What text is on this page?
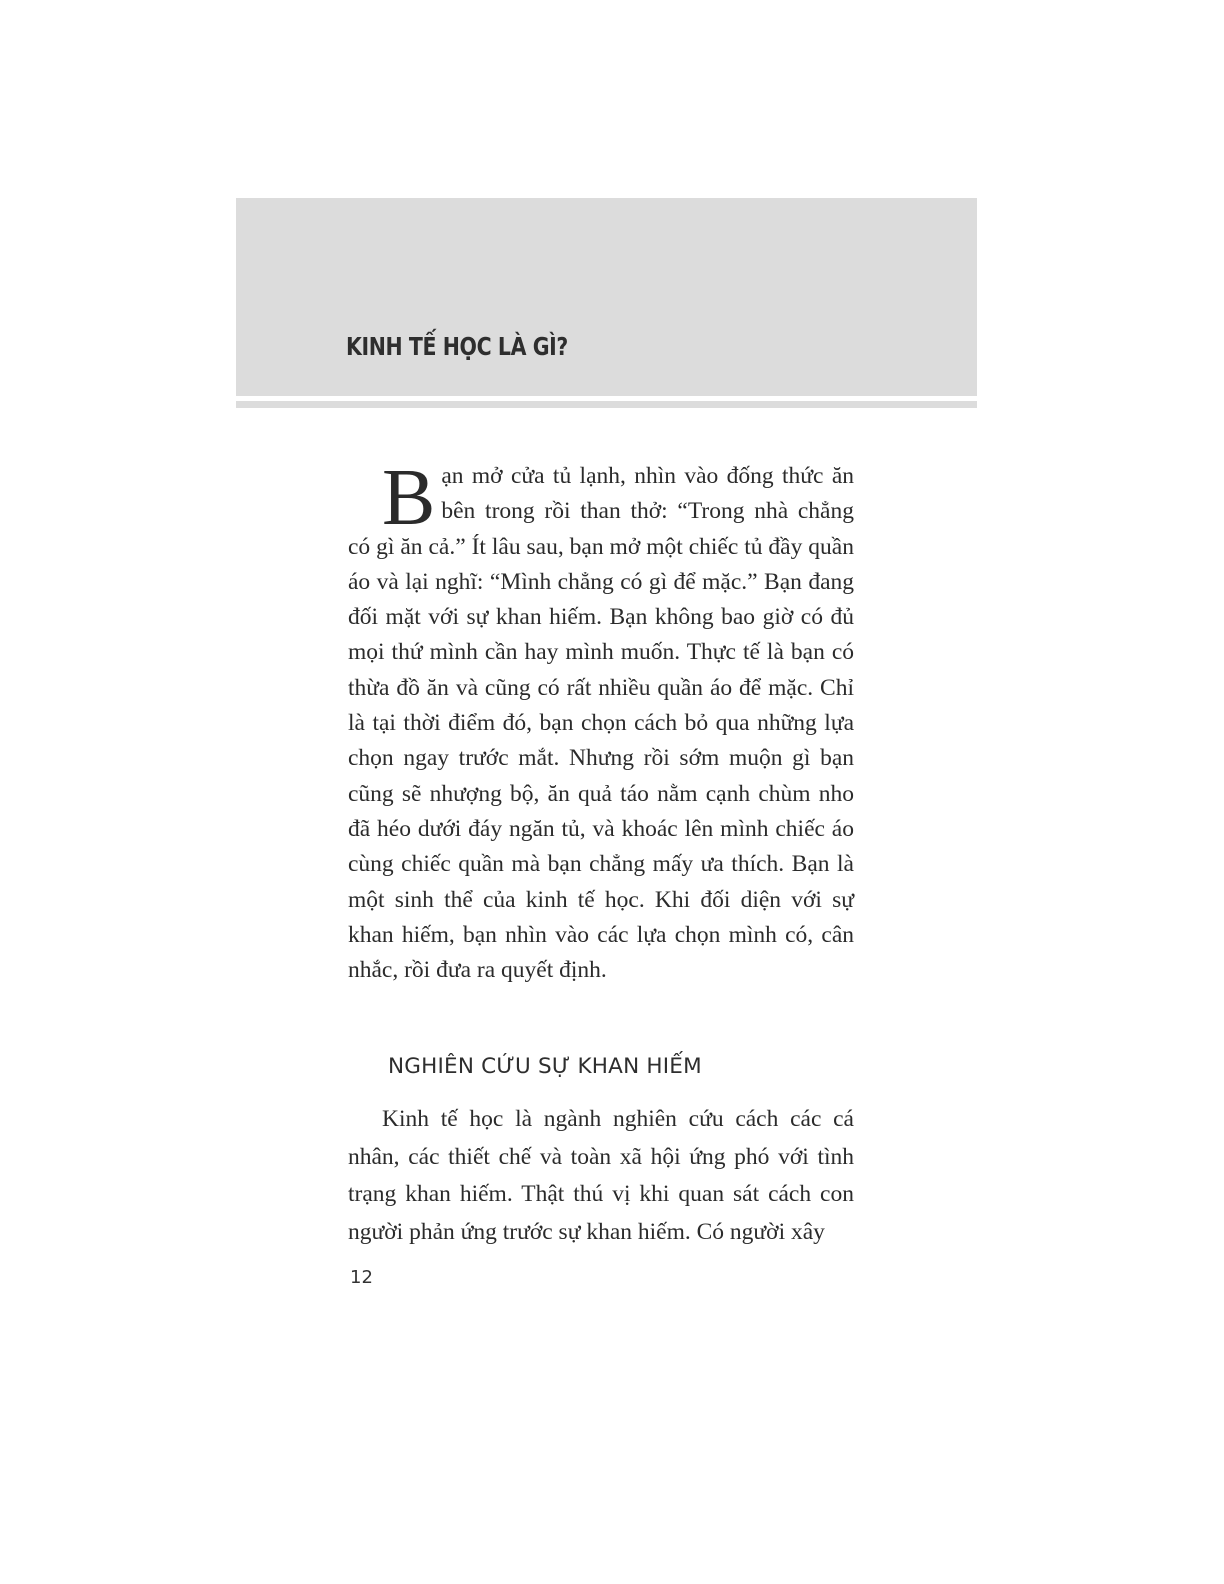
KINH TẾ HỌC LÀ GÌ?

Bạn mở cửa tủ lạnh, nhìn vào đống thức ăn bên trong rồi than thở: “Trong nhà chẳng có gì ăn cả.” Ít lâu sau, bạn mở một chiếc tủ đầy quần áo và lại nghĩ: “Mình chẳng có gì để mặc.” Bạn đang đối mặt với sự khan hiếm. Bạn không bao giờ có đủ mọi thứ mình cần hay mình muốn. Thực tế là bạn có thừa đồ ăn và cũng có rất nhiều quần áo để mặc. Chỉ là tại thời điểm đó, bạn chọn cách bỏ qua những lựa chọn ngay trước mắt. Nhưng rồi sớm muộn gì bạn cũng sẽ nhượng bộ, ăn quả táo nằm cạnh chùm nho đã héo dưới đáy ngăn tủ, và khoác lên mình chiếc áo cùng chiếc quần mà bạn chẳng mấy ưa thích. Bạn là một sinh thể của kinh tế học. Khi đối diện với sự khan hiếm, bạn nhìn vào các lựa chọn mình có, cân nhắc, rồi đưa ra quyết định.

NGHIÊN CỨU SỰ KHAN HIẾM

Kinh tế học là ngành nghiên cứu cách các cá nhân, các thiết chế và toàn xã hội ứng phó với tình trạng khan hiếm. Thật thú vị khi quan sát cách con người phản ứng trước sự khan hiếm. Có người xây

12
